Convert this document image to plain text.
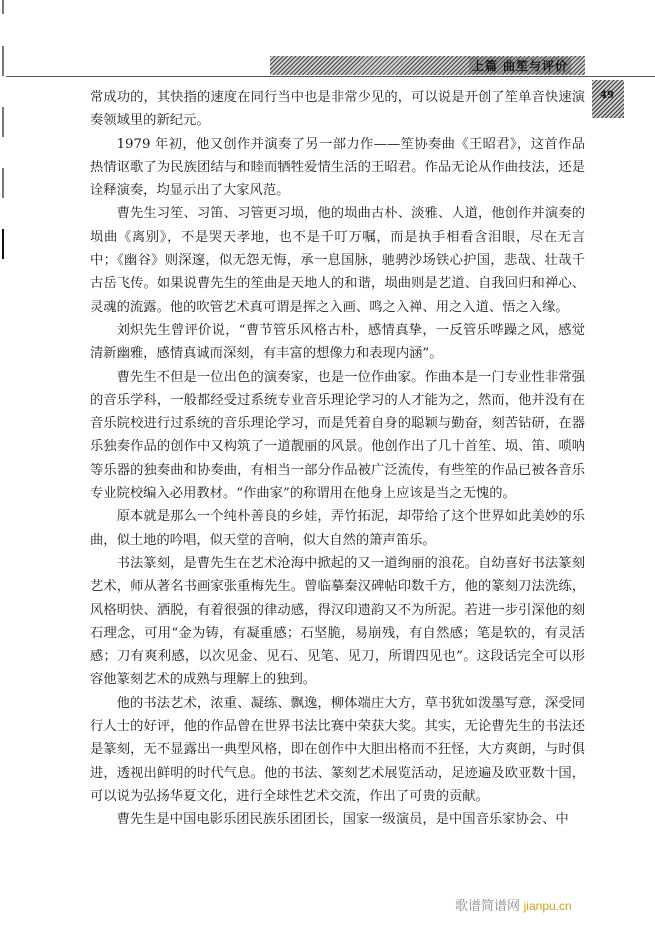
上篇 曲笙与评价
49

常成功的，其快指的速度在同行当中也是非常少见的，可以说是开创了笙单音快速演奏领域里的新纪元。

1979 年初，他又创作并演奏了另一部力作——笙协奏曲《王昭君》，这首作品热情讴歌了为民族团结与和睦而牺牲爱情生活的王昭君。作品无论从作曲技法，还是诠释演奏，均显示出了大家风范。

曹先生习笙、习笛、习管更习埙，他的埙曲古朴、淡雅、人道，他创作并演奏的埙曲《离别》，不是哭天孝地，也不是千叮万嘱，而是执手相看含泪眼，尽在无言中；《幽谷》则深邃，似无怨无悔，承一息国脉，驰骋沙场铁心护国，悲哉、壮哉千古岳飞传。如果说曹先生的笙曲是天地人的和谐，埙曲则是艺道、自我回归和禅心、灵魂的流露。他的吹管艺术真可谓是挥之入画、鸣之入禅、用之入道、悟之入缘。

刘炽先生曾评价说，“曹节管乐风格古朴，感情真挚，一反管乐哗躁之风，感觉清新幽雅，感情真诚而深刻，有丰富的想像力和表现内涵”。

曹先生不但是一位出色的演奏家，也是一位作曲家。作曲本是一门专业性非常强的音乐学科，一般都经受过系统专业音乐理论学习的人才能为之，然而，他并没有在音乐院校进行过系统的音乐理论学习，而是凭着自身的聪颖与勤奋，刻苦钻研，在器乐独奏作品的创作中又构筑了一道靓丽的风景。他创作出了几十首笙、埙、笛、唢呐等乐器的独奏曲和协奏曲，有相当一部分作品被广泛流传，有些笙的作品已被各音乐专业院校编入必用教材。“作曲家”的称谓用在他身上应该是当之无愧的。

原本就是那么一个纯朴善良的乡娃，弄竹拓泥，却带给了这个世界如此美妙的乐曲，似土地的吟唱，似天堂的音响，似大自然的箫声笛乐。

书法篆刻，是曹先生在艺术沧海中掀起的又一道绚丽的浪花。自幼喜好书法篆刻艺术，师从著名书画家张重梅先生。曾临摹秦汉碑帖印数千方，他的篆刻刀法洗练，风格明快、洒脱，有着很强的律动感，得汉印遗韵又不为所泥。若进一步引深他的刻石理念，可用“金为铸，有凝重感；石坚脆，易崩残，有自然感；笔是软的，有灵活感；刀有爽利感，以次见金、见石、见笔、见刀，所谓四见也”。这段话完全可以形容他篆刻艺术的成熟与理解上的独到。

他的书法艺术，浓重、凝练、飘逸，柳体端庄大方，草书犹如泼墨写意，深受同行人士的好评，他的作品曾在世界书法比赛中荣获大奖。其实，无论曹先生的书法还是篆刻，无不显露出一典型风格，即在创作中大胆出格而不狂怪，大方爽朗，与时俱进，透视出鲜明的时代气息。他的书法、篆刻艺术展览活动，足迹遍及欧亚数十国，可以说为弘扬华夏文化，进行全球性艺术交流，作出了可贵的贡献。

曹先生是中国电影乐团民族乐团团长，国家一级演员，是中国音乐家协会、中

歌谱简谱网 jianpu.cn
